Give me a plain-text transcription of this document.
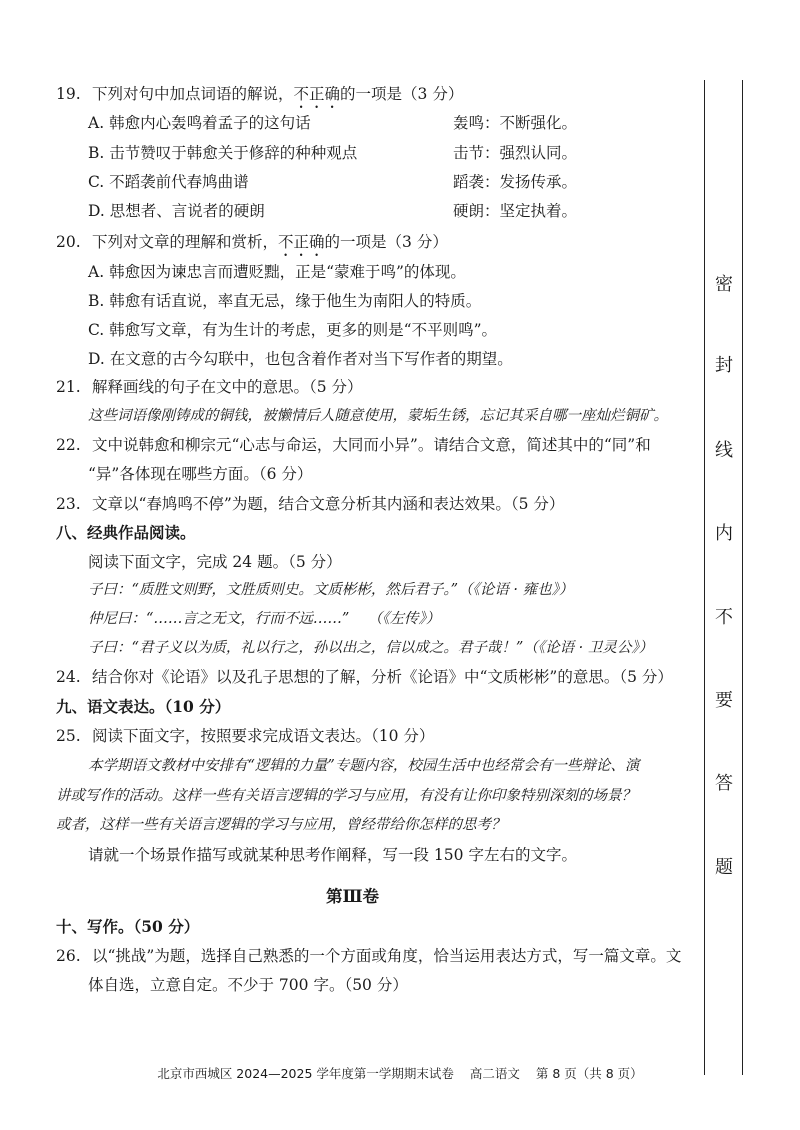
19. 下列对句中加点词语的解说，不正确的一项是（3 分）
A. 韩愈内心轰鸣着孟子的这句话	轰鸣：不断强化。
B. 击节赞叹于韩愈关于修辞的种种观点	击节：强烈认同。
C. 不蹈袭前代春鸠曲谱	蹈袭：发扬传承。
D. 思想者、言说者的硬朗	硬朗：坚定执着。
20. 下列对文章的理解和赏析，不正确的一项是（3 分）
A. 韩愈因为谏忠言而遭贬黜，正是“蒙难于鸣”的体现。
B. 韩愈有话直说，率直无忌，缘于他生为南阳人的特质。
C. 韩愈写文章，有为生计的考虑，更多的则是“不平则鸣”。
D. 在文意的古今勾联中，也包含着作者对当下写作者的期望。
21. 解释画线的句子在文中的意思。（5 分）
这些词语像刚铸成的铜钱，被懒情后人随意使用，蒙垢生锈，忘记其采自哪一座灿烂铜矿。
22. 文中说韩愈和柳宗元“心志与命运，大同而小异”。请结合文意，简述其中的“同”和
“异”各体现在哪些方面。（6 分）
23. 文章以“春鸠鸣不停”为题，结合文意分析其内涵和表达效果。（5 分）
八、经典作品阅读。
阅读下面文字，完成 24 题。（5 分）
子曰：“质胜文则野，文胜质则史。文质彬彬，然后君子。”（《论语 · 雍也》）
仲尼曰：“……言之无文，行而不远……” （《左传》）
子曰：“君子义以为质，礼以行之，孙以出之，信以成之。君子哉！”（《论语 · 卫灵公》）
24. 结合你对《论语》以及孔子思想的了解，分析《论语》中“文质彬彬”的意思。（5 分）
九、语文表达。（10 分）
25. 阅读下面文字，按照要求完成语文表达。（10 分）
本学期语文教材中安排有“逻辑的力量”专题内容，校园生活中也经常会有一些辩论、演
讲或写作的活动。这样一些有关语言逻辑的学习与应用，有没有让你印象特别深刻的场景？
或者，这样一些有关语言逻辑的学习与应用，曾经带给你怎样的思考？
请就一个场景作描写或就某种思考作阐释，写一段 150 字左右的文字。
第Ⅲ卷
十、写作。（50 分）
26. 以“挑战”为题，选择自己熟悉的一个方面或角度，恰当运用表达方式，写一篇文章。文
体自选，立意自定。不少于 700 字。（50 分）
密
封
线
内
不
要
答
题
北京市西城区 2024—2025 学年度第一学期期末试卷 高二语文 第 8 页（共 8 页）
